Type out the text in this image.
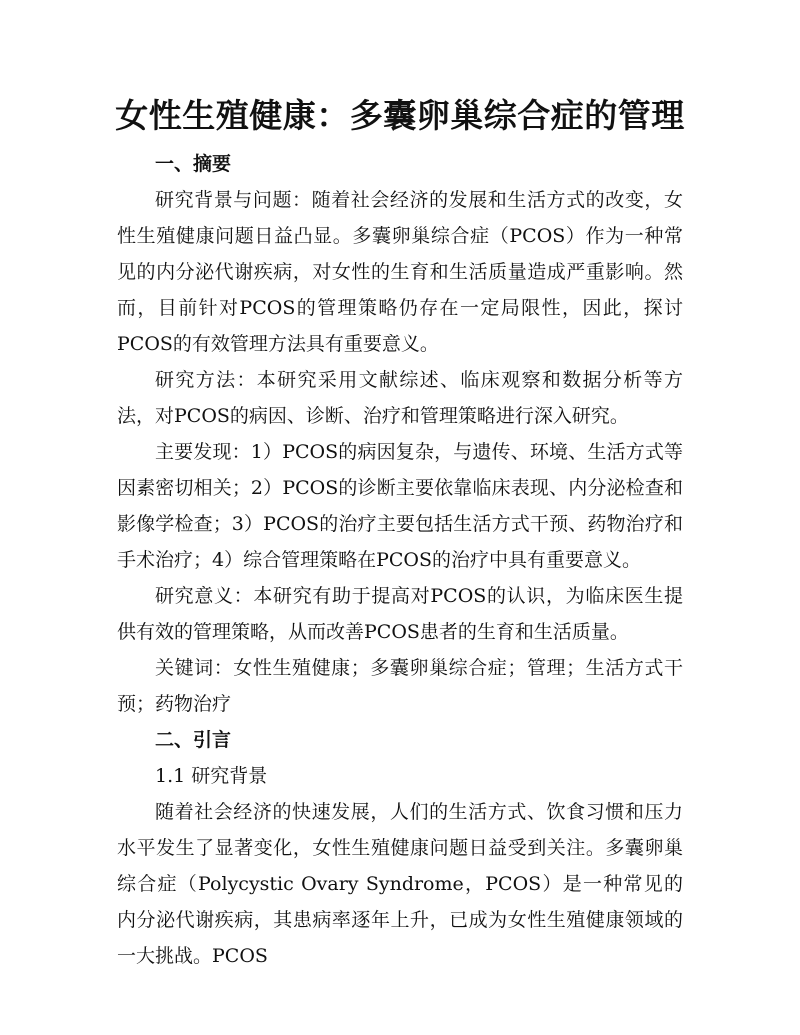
女性生殖健康：多囊卵巢综合症的管理
一、摘要

研究背景与问题：随着社会经济的发展和生活方式的改变，女性生殖健康问题日益凸显。多囊卵巢综合症（PCOS）作为一种常见的内分泌代谢疾病，对女性的生育和生活质量造成严重影响。然而，目前针对PCOS的管理策略仍存在一定局限性，因此，探讨PCOS的有效管理方法具有重要意义。

研究方法：本研究采用文献综述、临床观察和数据分析等方法，对PCOS的病因、诊断、治疗和管理策略进行深入研究。

主要发现：1）PCOS的病因复杂，与遗传、环境、生活方式等因素密切相关；2）PCOS的诊断主要依靠临床表现、内分泌检查和影像学检查；3）PCOS的治疗主要包括生活方式干预、药物治疗和手术治疗；4）综合管理策略在PCOS的治疗中具有重要意义。

研究意义：本研究有助于提高对PCOS的认识，为临床医生提供有效的管理策略，从而改善PCOS患者的生育和生活质量。

关键词：女性生殖健康；多囊卵巢综合症；管理；生活方式干预；药物治疗

二、引言

1.1 研究背景

随着社会经济的快速发展，人们的生活方式、饮食习惯和压力水平发生了显著变化，女性生殖健康问题日益受到关注。多囊卵巢综合症（Polycystic Ovary Syndrome，PCOS）是一种常见的内分泌代谢疾病，其患病率逐年上升，已成为女性生殖健康领域的一大挑战。PCOS
